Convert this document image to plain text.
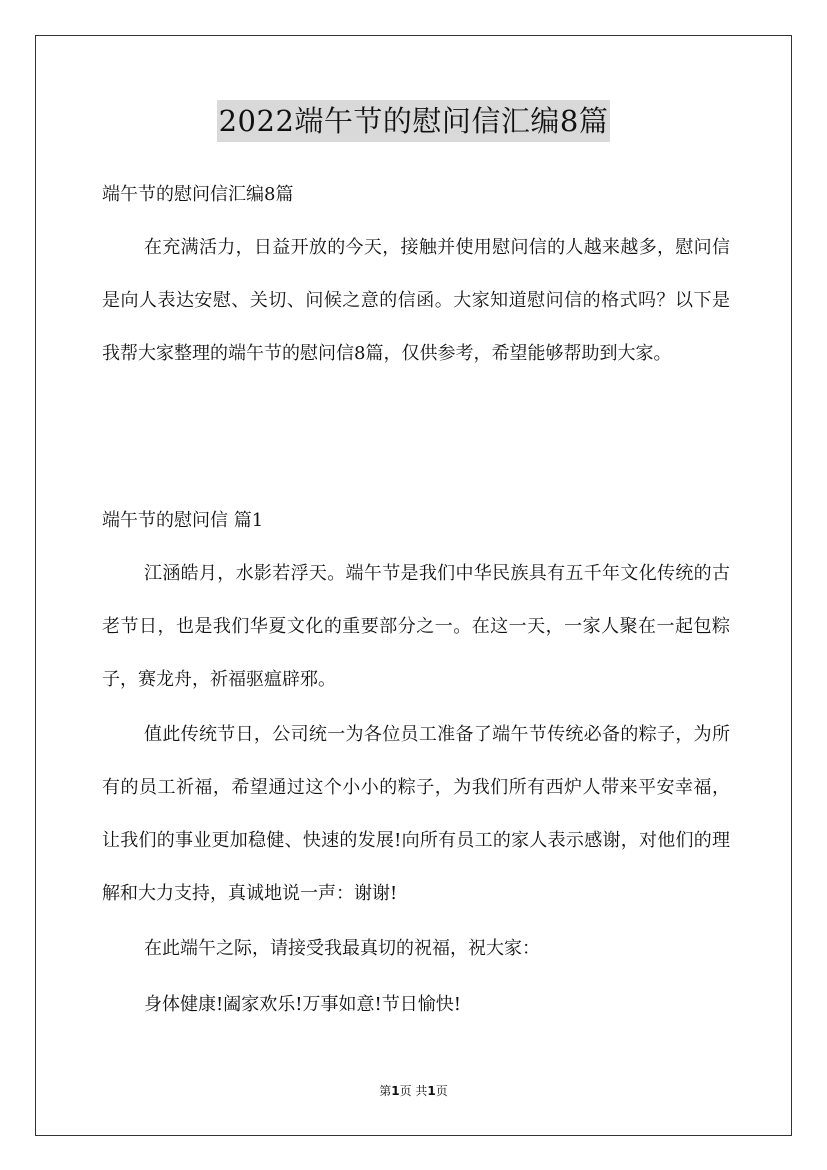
2022端午节的慰问信汇编8篇

端午节的慰问信汇编8篇

在充满活力，日益开放的今天，接触并使用慰问信的人越来越多，慰问信是向人表达安慰、关切、问候之意的信函。大家知道慰问信的格式吗？以下是我帮大家整理的端午节的慰问信8篇，仅供参考，希望能够帮助到大家。

端午节的慰问信 篇1

江涵皓月，水影若浮天。端午节是我们中华民族具有五千年文化传统的古老节日，也是我们华夏文化的重要部分之一。在这一天，一家人聚在一起包粽子，赛龙舟，祈福驱瘟辟邪。

值此传统节日，公司统一为各位员工准备了端午节传统必备的粽子，为所有的员工祈福，希望通过这个小小的粽子，为我们所有西炉人带来平安幸福，让我们的事业更加稳健、快速的发展!向所有员工的家人表示感谢，对他们的理解和大力支持，真诚地说一声：谢谢!

在此端午之际，请接受我最真切的祝福，祝大家：

身体健康!阖家欢乐!万事如意!节日愉快!

第1页 共1页
